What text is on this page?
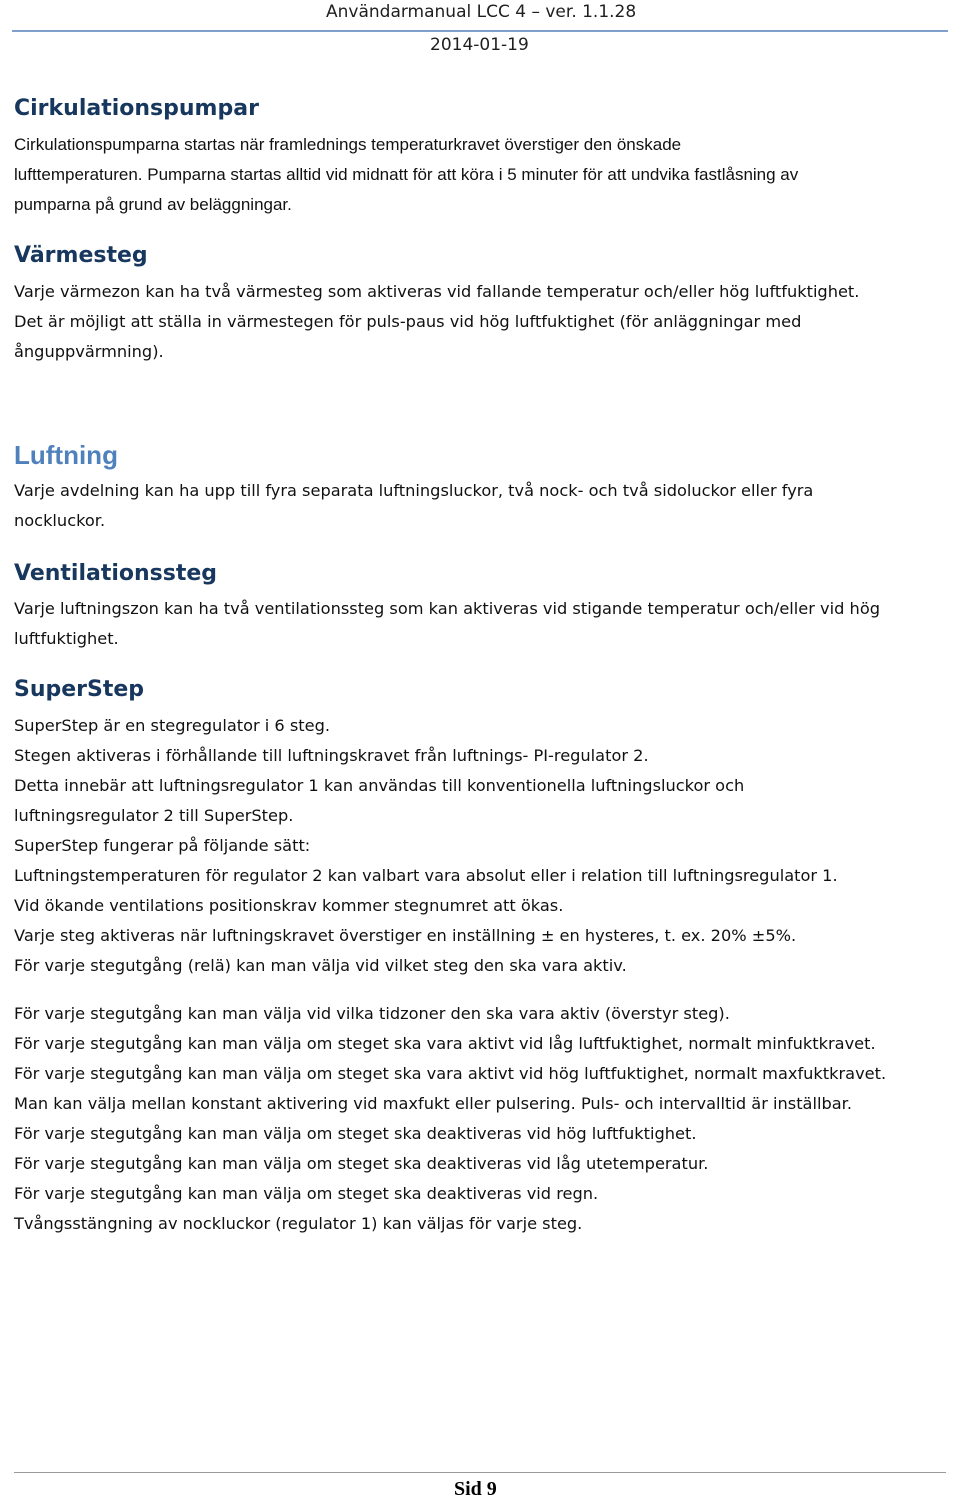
Användarmanual LCC 4 – ver. 1.1.28
2014-01-19
Cirkulationspumpar
Cirkulationspumparna startas när framlednings temperaturkravet överstiger den önskade
lufttemperaturen. Pumparna startas alltid vid midnatt för att köra i 5 minuter för att undvika fastlåsning av
pumparna på grund av beläggningar.
Värmesteg
Varje värmezon kan ha två värmesteg som aktiveras vid fallande temperatur och/eller hög luftfuktighet.
Det är möjligt att ställa in värmestegen för puls-paus vid hög luftfuktighet (för anläggningar med
ånguppvärmning).
Luftning
Varje avdelning kan ha upp till fyra separata luftningsluckor, två nock- och två sidoluckor eller fyra
nockluckor.
Ventilationssteg
Varje luftningszon kan ha två ventilationssteg som kan aktiveras vid stigande temperatur och/eller vid hög
luftfuktighet.
SuperStep
SuperStep är en stegregulator i 6 steg.
Stegen aktiveras i förhållande till luftningskravet från luftnings- PI-regulator 2.
Detta innebär att luftningsregulator 1 kan användas till konventionella luftningsluckor och
luftningsregulator 2 till SuperStep.
SuperStep fungerar på följande sätt:
Luftningstemperaturen för regulator 2 kan valbart vara absolut eller i relation till luftningsregulator 1.
Vid ökande ventilations positionskrav kommer stegnumret att ökas.
Varje steg aktiveras när luftningskravet överstiger en inställning ± en hysteres, t. ex. 20% ±5%.
För varje stegutgång (relä) kan man välja vid vilket steg den ska vara aktiv.
För varje stegutgång kan man välja vid vilka tidzoner den ska vara aktiv (överstyr steg).
För varje stegutgång kan man välja om steget ska vara aktivt vid låg luftfuktighet, normalt minfuktkravet.
För varje stegutgång kan man välja om steget ska vara aktivt vid hög luftfuktighet, normalt maxfuktkravet.
Man kan välja mellan konstant aktivering vid maxfukt eller pulsering. Puls- och intervalltid är inställbar.
För varje stegutgång kan man välja om steget ska deaktiveras vid hög luftfuktighet.
För varje stegutgång kan man välja om steget ska deaktiveras vid låg utetemperatur.
För varje stegutgång kan man välja om steget ska deaktiveras vid regn.
Tvångsstängning av nockluckor (regulator 1) kan väljas för varje steg.
Sid 9
